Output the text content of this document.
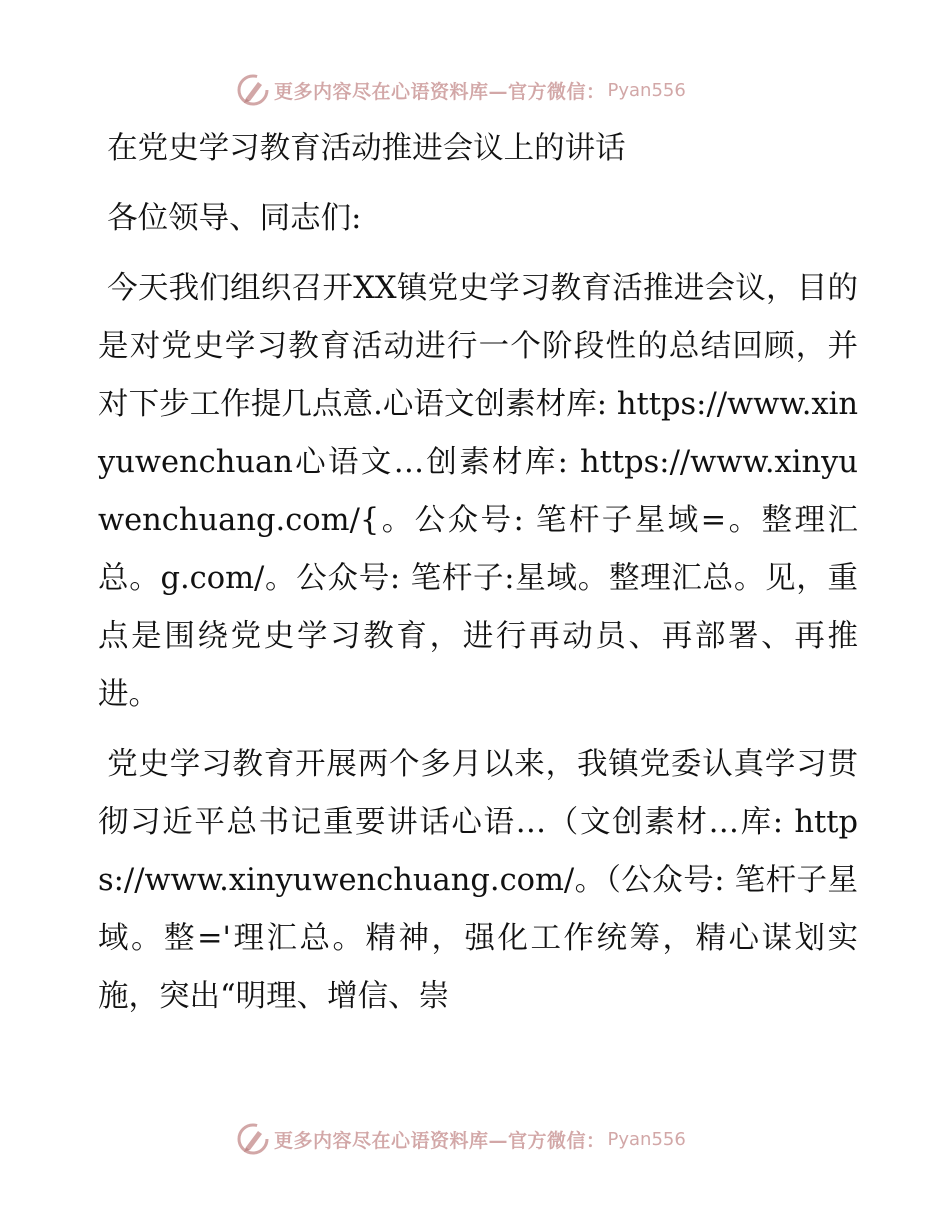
更多内容尽在心语资料库—官方微信： Pyan556

在党史学习教育活动推进会议上的讲话

各位领导、同志们:

今天我们组织召开XX镇党史学习教育活推进会议，目的是对党史学习教育活动进行一个阶段性的总结回顾，并对下步工作提几点意.心语文创素材库: https://www.xinyuwenchuan心语文…创素材库: https://www.xinyuwenchuang.com/{。公众号: 笔杆子星域=。整理汇总。g.com/。公众号: 笔杆子:星域。整理汇总。见，重点是围绕党史学习教育，进行再动员、再部署、再推进。

党史学习教育开展两个多月以来，我镇党委认真学习贯彻习近平总书记重要讲话心语…（文创素材…库: https://www.xinyuwenchuang.com/。（公众号: 笔杆子星域。整='理汇总。精神，强化工作统筹，精心谋划实施，突出“明理、增信、崇

更多内容尽在心语资料库—官方微信： Pyan556
